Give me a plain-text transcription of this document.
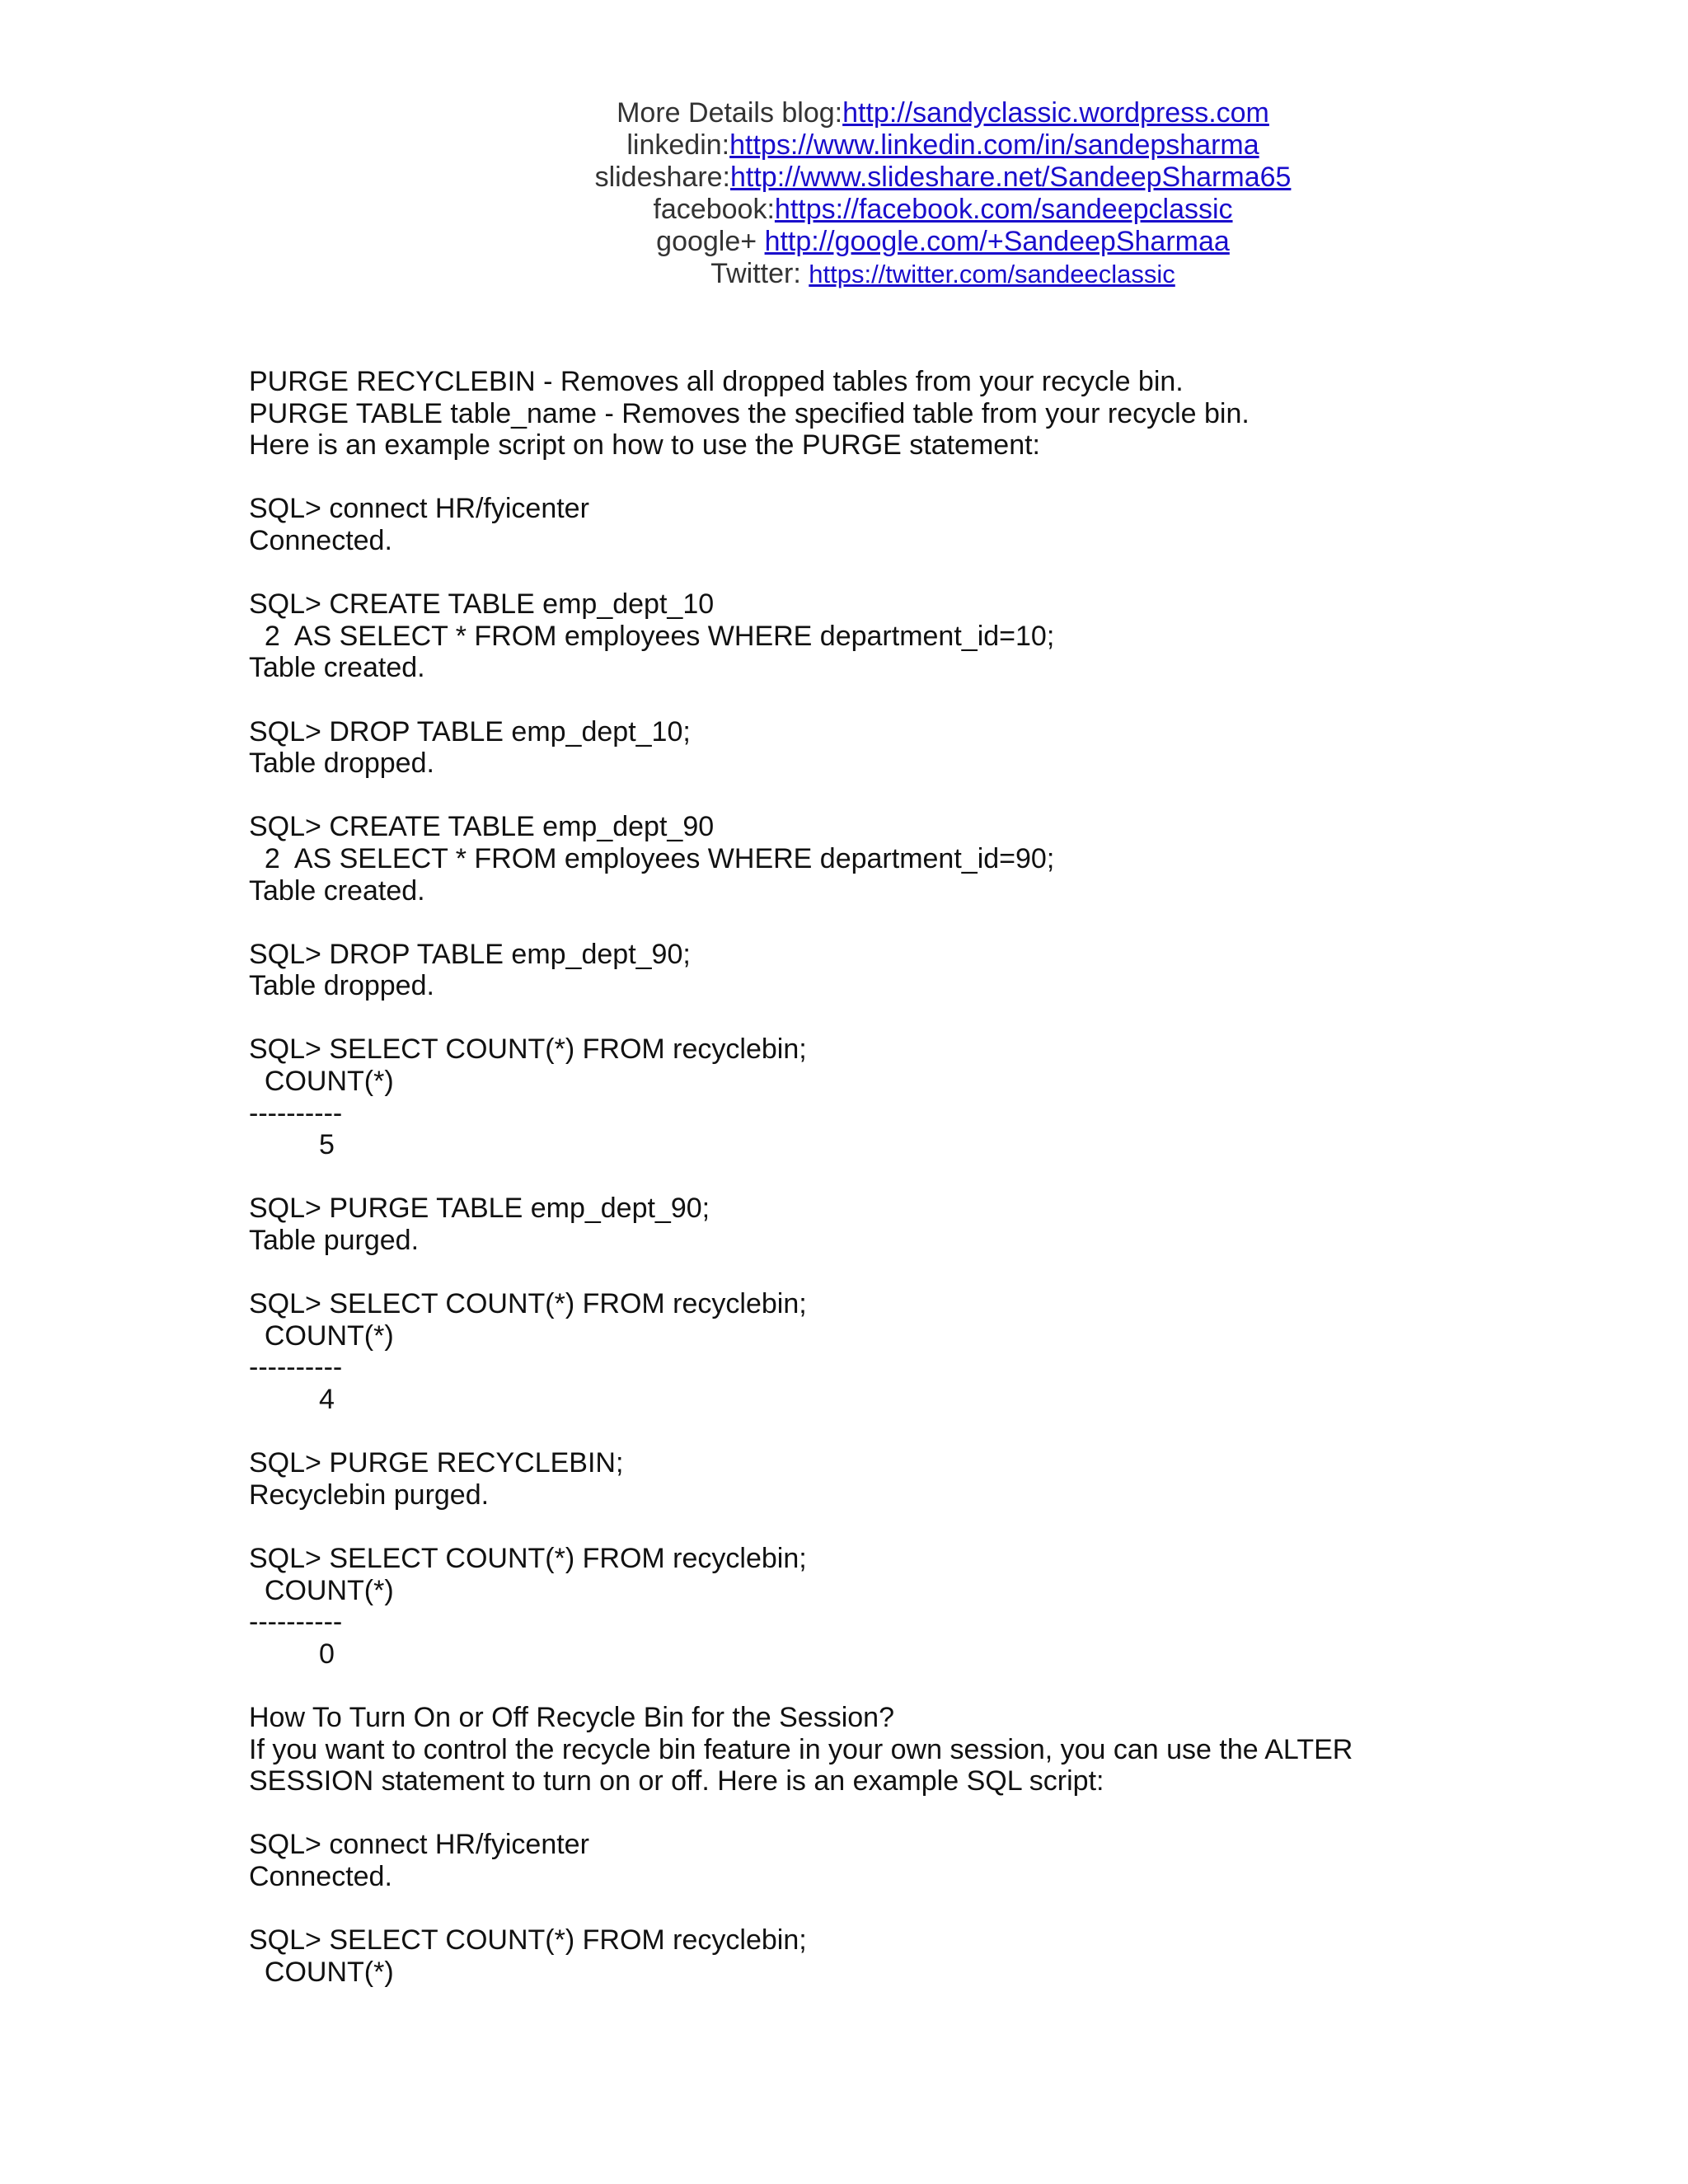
More Details blog:http://sandyclassic.wordpress.com
linkedin:https://www.linkedin.com/in/sandepsharma
slideshare:http://www.slideshare.net/SandeepSharma65
facebook:https://facebook.com/sandeepclassic
google+ http://google.com/+SandeepSharmaa
Twitter: https://twitter.com/sandeeclassic
PURGE RECYCLEBIN - Removes all dropped tables from your recycle bin.
PURGE TABLE table_name - Removes the specified table from your recycle bin.
Here is an example script on how to use the PURGE statement:
SQL> connect HR/fyicenter
Connected.
SQL> CREATE TABLE emp_dept_10
2  AS SELECT * FROM employees WHERE department_id=10;
Table created.
SQL> DROP TABLE emp_dept_10;
Table dropped.
SQL> CREATE TABLE emp_dept_90
2  AS SELECT * FROM employees WHERE department_id=90;
Table created.
SQL> DROP TABLE emp_dept_90;
Table dropped.
SQL> SELECT COUNT(*) FROM recyclebin;
COUNT(*)
----------
5
SQL> PURGE TABLE emp_dept_90;
Table purged.
SQL> SELECT COUNT(*) FROM recyclebin;
COUNT(*)
----------
4
SQL> PURGE RECYCLEBIN;
Recyclebin purged.
SQL> SELECT COUNT(*) FROM recyclebin;
COUNT(*)
----------
0
How To Turn On or Off Recycle Bin for the Session?
If you want to control the recycle bin feature in your own session, you can use the ALTER
SESSION statement to turn on or off. Here is an example SQL script:
SQL> connect HR/fyicenter
Connected.
SQL> SELECT COUNT(*) FROM recyclebin;
COUNT(*)
